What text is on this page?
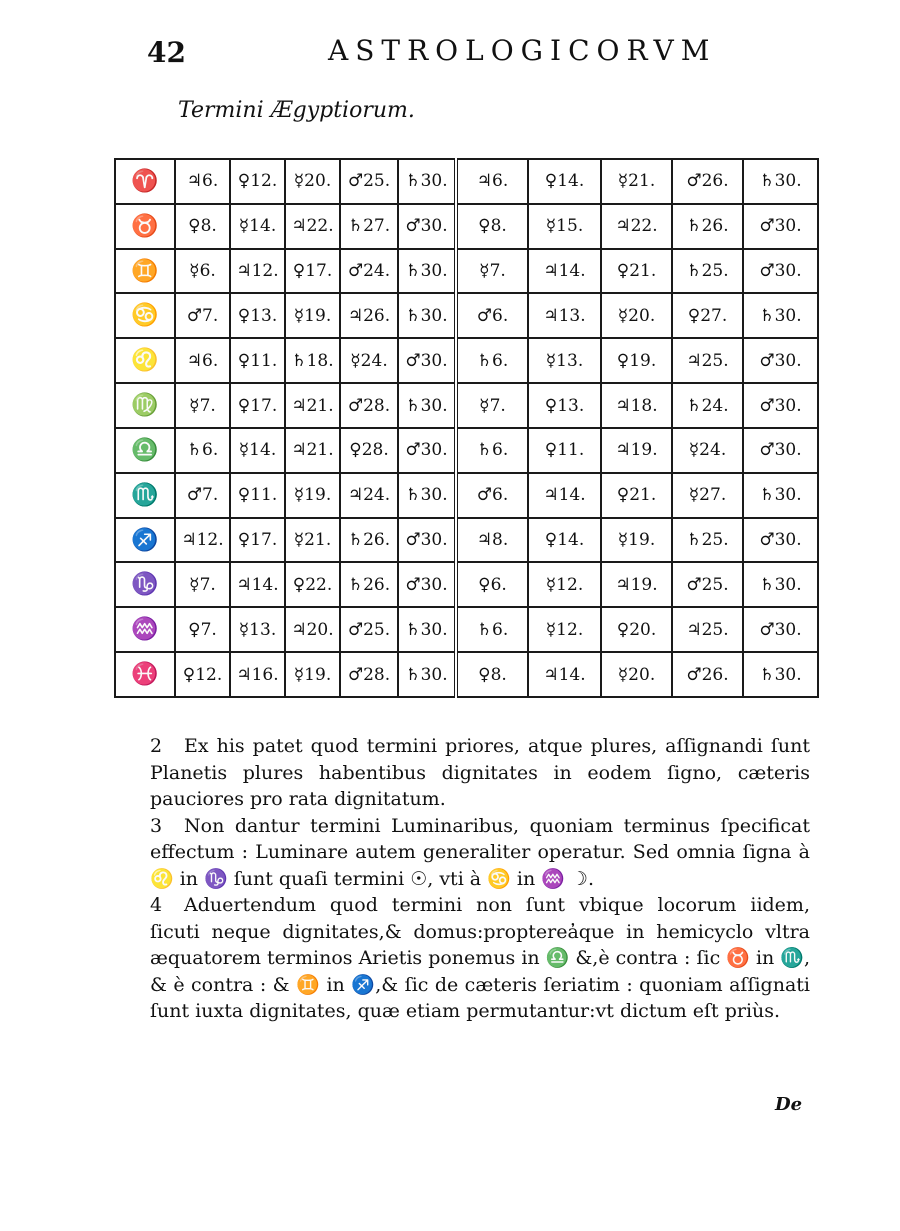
42	ASTROLOGICORVM
Termini Ægyptiorum.
♈	♃6.	♀12.	☿20.	♂25.	♄30.	♃6.	♀14.	☿21.	♂26.	♄30.
♉	♀8.	☿14.	♃22.	♄27.	♂30.	♀8.	☿15.	♃22.	♄26.	♂30.
♊	☿6.	♃12.	♀17.	♂24.	♄30.	☿7.	♃14.	♀21.	♄25.	♂30.
♋	♂7.	♀13.	☿19.	♃26.	♄30.	♂6.	♃13.	☿20.	♀27.	♄30.
♌	♃6.	♀11.	♄18.	☿24.	♂30.	♄6.	☿13.	♀19.	♃25.	♂30.
♍	☿7.	♀17.	♃21.	♂28.	♄30.	☿7.	♀13.	♃18.	♄24.	♂30.
♎	♄6.	☿14.	♃21.	♀28.	♂30.	♄6.	♀11.	♃19.	☿24.	♂30.
♏	♂7.	♀11.	☿19.	♃24.	♄30.	♂6.	♃14.	♀21.	☿27.	♄30.
♐	♃12.	♀17.	☿21.	♄26.	♂30.	♃8.	♀14.	☿19.	♄25.	♂30.
♑	☿7.	♃14.	♀22.	♄26.	♂30.	♀6.	☿12.	♃19.	♂25.	♄30.
♒	♀7.	☿13.	♃20.	♂25.	♄30.	♄6.	☿12.	♀20.	♃25.	♂30.
♓	♀12.	♃16.	☿19.	♂28.	♄30.	♀8.	♃14.	☿20.	♂26.	♄30.

2 Ex his patet quod termini priores, atque plures, aſſignandi ſunt Planetis plures habentibus dignitates in eodem ſigno, cæteris pauciores pro rata dignitatum.

3 Non dantur termini Luminaribus, quoniam terminus ſpecificat effectum : Luminare autem generaliter operatur. Sed omnia ſigna à ♌ in ♑ ſunt quaſi termini ☉, vti à ♋ in ♒ ☽.

4 Aduertendum quod termini non ſunt vbique locorum iidem, ſicuti neque dignitates,& domus:propterea̓que in hemicyclo vltra æquatorem terminos Arietis ponemus in ♎ &,è contra : ſic ♉ in ♏, & è contra : & ♊ in ♐,& ſic de cæteris ſeriatim : quoniam aſſignati ſunt iuxta dignitates, quæ etiam permutantur:vt dictum eſt priùs.

De
